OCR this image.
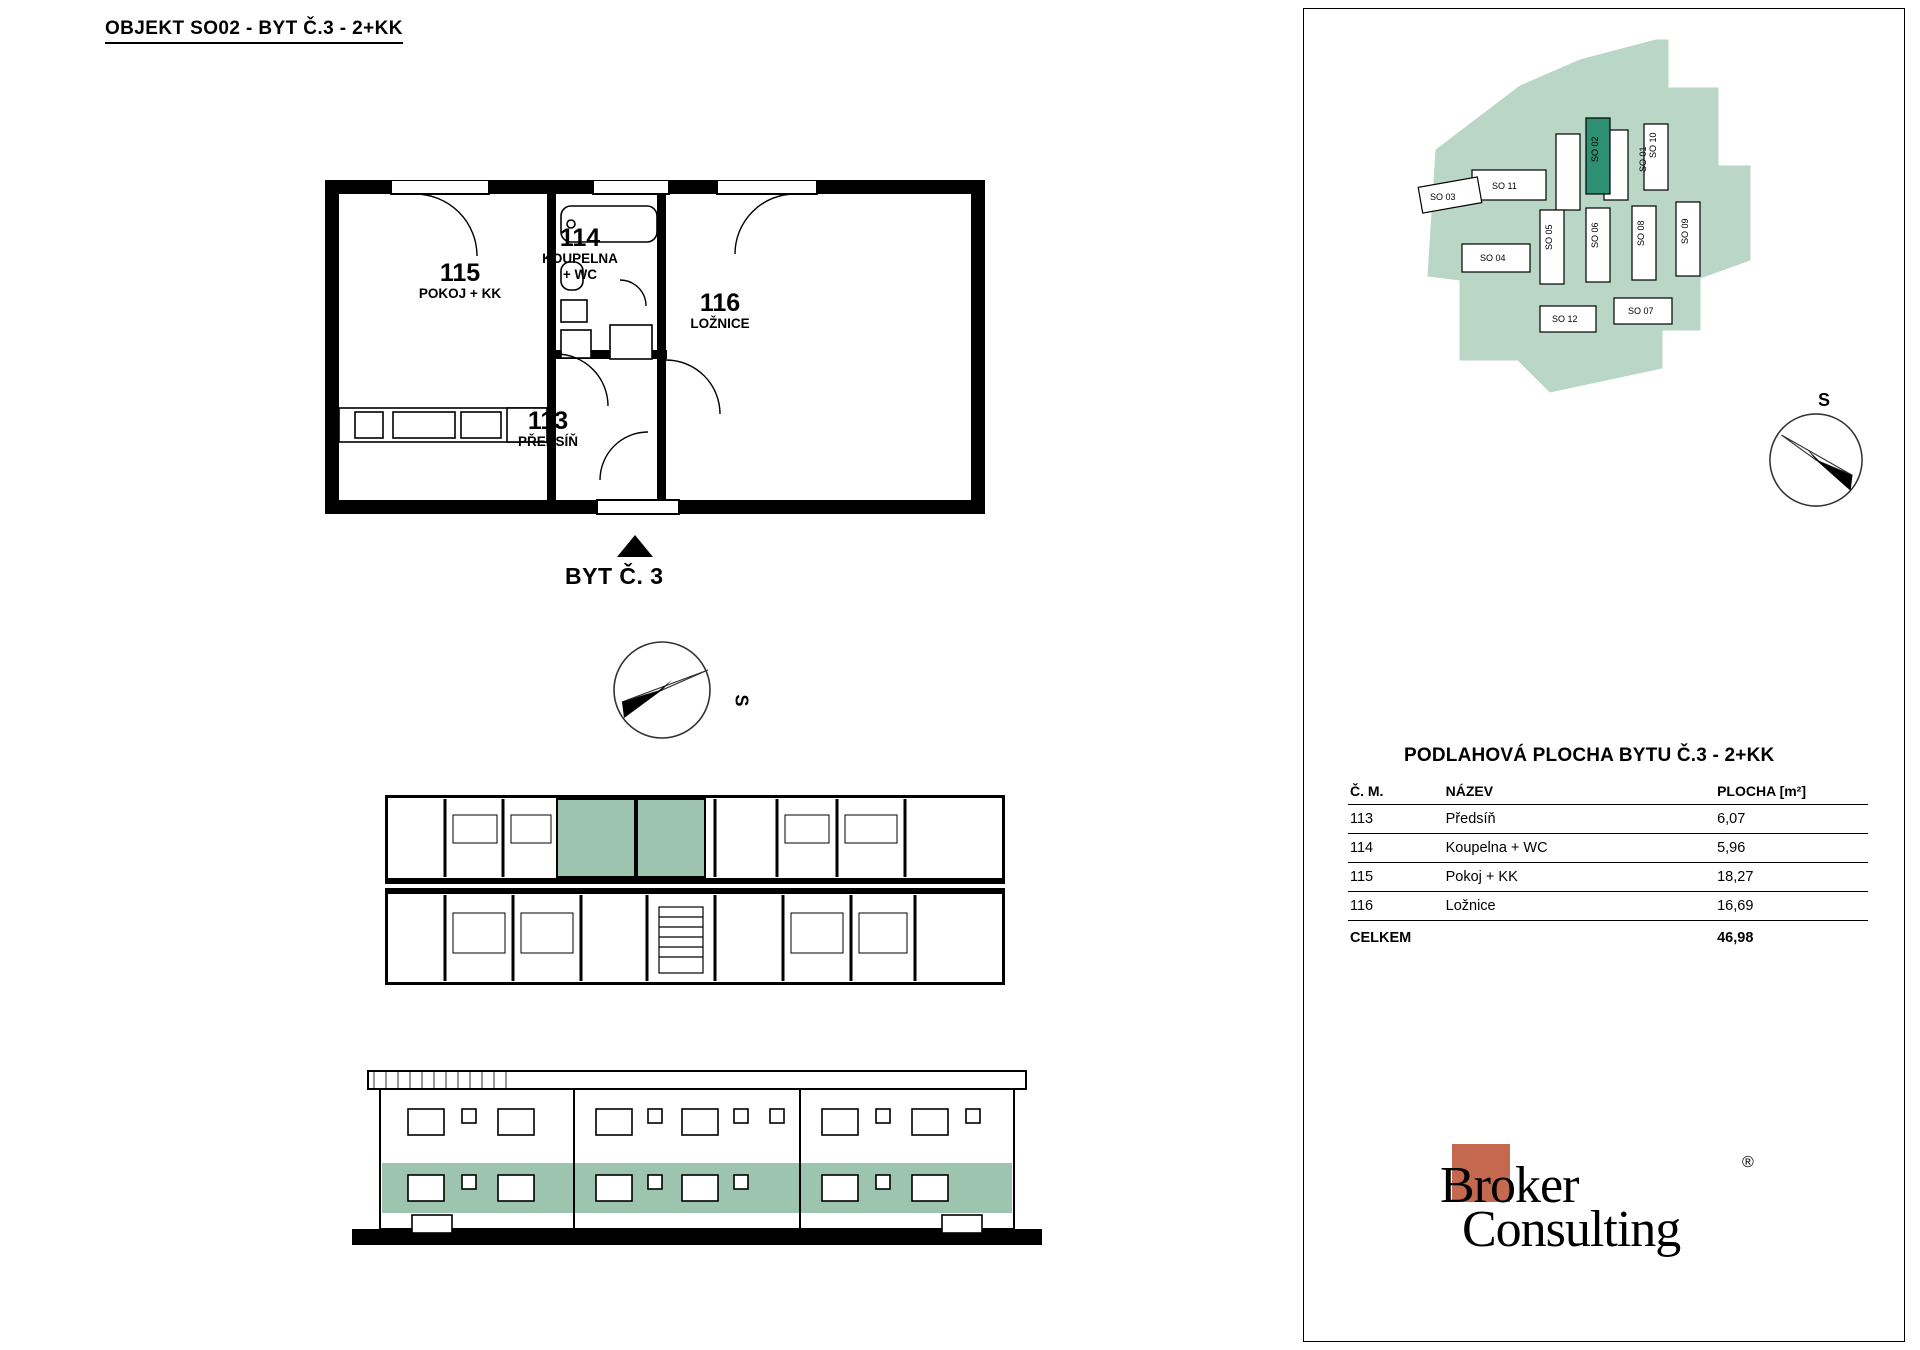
OBJEKT SO02 - BYT Č.3 - 2+KK
115
POKOJ + KK
114
KOUPELNA
+ WC
116
LOŽNICE
113
PŘEDSÍŇ
BYT Č. 3
S
SO 11
SO 02	SO 01
SO 03
SO 04
SO 05	SO 06	SO 08	SO 09
SO 12
SO 07
SO 10
S
PODLAHOVÁ PLOCHA BYTU Č.3 - 2+KK
Č. M.	NÁZEV	PLOCHA [m²]
113	Předsíň	6,07
114	Koupelna + WC	5,96
115	Pokoj + KK	18,27
116	Ložnice	16,69
CELKEM		46,98
Broker
Consulting
®
